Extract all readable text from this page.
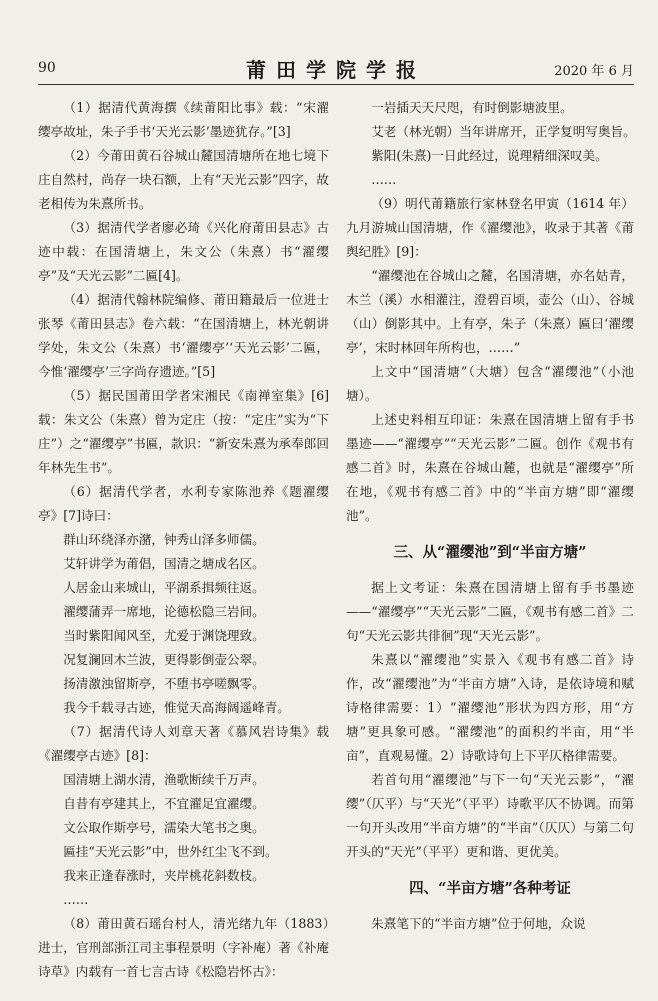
90	莆田学院学报	2020 年 6 月

（1）据清代黄海撰《续莆阳比事》载：“宋濯缨亭故址，朱子手书‘天光云影’墨迹犹存。”[3]

（2）今莆田黄石谷城山麓国清塘所在地七境下庄自然村，尚存一块石额，上有“天光云影”四字，故老相传为朱熹所书。

（3）据清代学者廖必琦《兴化府莆田县志》古迹中载：在国清塘上，朱文公（朱熹）书“濯缨亭”及“天光云影”二匾[4]。

（4）据清代翰林院编修、莆田籍最后一位进士张琴《莆田县志》卷六载：“在国清塘上，林光朝讲学处，朱文公（朱熹）书‘濯缨亭’‘天光云影’二匾，今惟‘濯缨亭’三字尚存遗迹。”[5]

（5）据民国莆田学者宋湘民《南禅室集》[6]载：朱文公（朱熹）曾为定庄（按：“定庄”实为“下庄”）之“濯缨亭”书匾，款识：“新安朱熹为承奉郎回年林先生书”。

（6）据清代学者，水利专家陈池养《题濯缨亭》[7]诗曰：

群山环绕泽亦潴，钟秀山泽多师儒。

艾轩讲学为莆倡，国清之塘成名区。

人居金山来城山，平湖系揖频往返。

濯缨蒲弄一席地，论德松隐三岩间。

当时紫阳闻风至，尤爱于渊饶理致。

况复澜回木兰波，更得影倒壶公翠。

扬清激浊留斯亭，不堕书亭嗟飘零。

我今千载寻古迹，惟觉天高海阔遥峰青。

（7）据清代诗人刘章天著《慕风岩诗集》载《濯缨亭古迹》[8]：

国清塘上湖水清，渔歌断续千万声。

自昔有亭建其上，不宜濯足宜濯缨。

文公取作斯亭号，濡染大笔书之奥。

匾挂“天光云影”中，世外红尘飞不到。

我来正逢春涨时，夹岸桃花斜数枝。

……

（8）莆田黄石瑶台村人，清光绪九年（1883）进士，官刑部浙江司主事程景明（字补庵）著《补庵诗草》内载有一首七言古诗《松隐岩怀古》：

一岩插天天尺咫，有时倒影塘波里。

艾老（林光朝）当年讲席开，正学复明写奥旨。

紫阳(朱熹)一日此经过，说理精细深叹美。

……

（9）明代莆籍旅行家林登名甲寅（1614 年）九月游城山国清塘，作《濯缨池》，收录于其著《莆舆纪胜》[9]：

“濯缨池在谷城山之麓，名国清塘，亦名姑青，木兰（溪）水相灌注，澄碧百顷，壶公（山）、谷城（山）倒影其中。上有亭，朱子（朱熹）匾曰‘濯缨亭’，宋时林回年所构也，……”

上文中“国清塘”（大塘）包含“濯缨池”（小池塘）。

上述史料相互印证：朱熹在国清塘上留有手书墨迹——“濯缨亭”“天光云影”二匾。创作《观书有感二首》时，朱熹在谷城山麓，也就是“濯缨亭”所在地，《观书有感二首》中的“半亩方塘”即“濯缨池”。

三、从“濯缨池”到“半亩方塘”

据上文考证：朱熹在国清塘上留有手书墨迹——“濯缨亭”“天光云影”二匾，《观书有感二首》二句“天光云影共徘徊”现“天光云影”。

朱熹以“濯缨池”实景入《观书有感二首》诗作，改“濯缨池”为“半亩方塘”入诗，是依诗境和赋诗格律需要：1）“濯缨池”形状为四方形，用“方塘”更具象可感。“濯缨池”的面积约半亩，用“半亩”，直观易懂。2）诗歌诗句上下平仄格律需要。

若首句用“濯缨池”与下一句“天光云影”，“濯缨”（仄平）与“天光”（平平）诗歌平仄不协调。而第一句开头改用“半亩方塘”的“半亩”（仄仄）与第二句开头的“天光”（平平）更和谐、更优美。

四、“半亩方塘”各种考证

朱熹笔下的“半亩方塘”位于何地，众说
